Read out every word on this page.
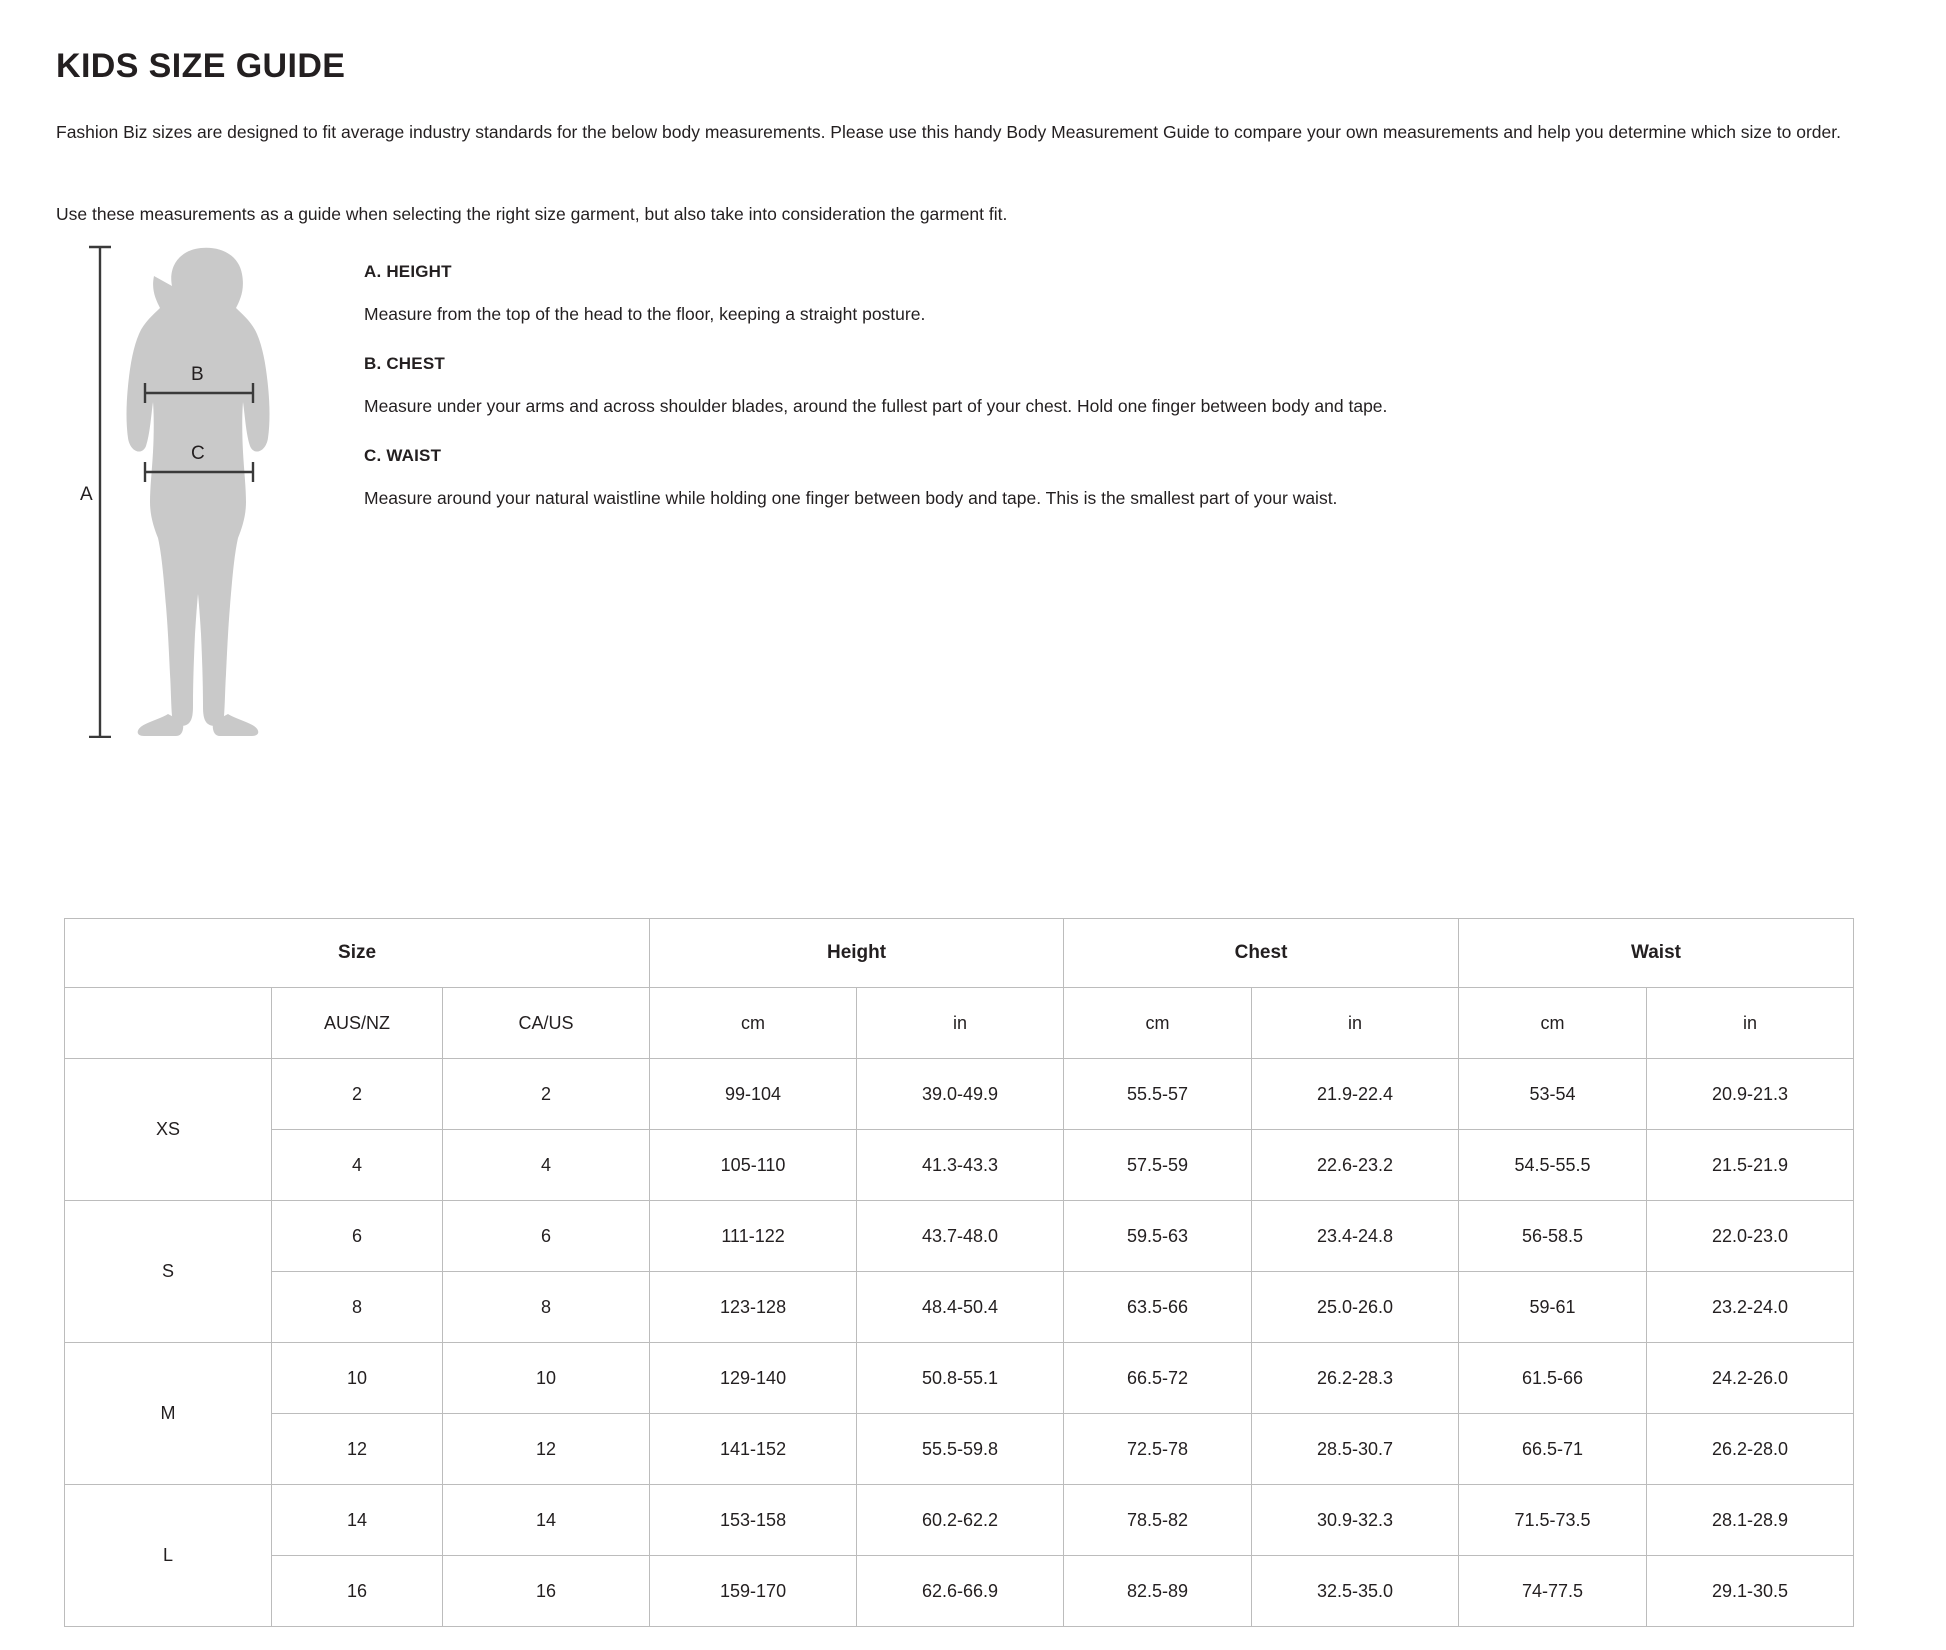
KIDS SIZE GUIDE

Fashion Biz sizes are designed to fit average industry standards for the below body measurements. Please use this handy Body Measurement Guide to compare your own measurements and help you determine which size to order.

Use these measurements as a guide when selecting the right size garment, but also take into consideration the garment fit.

A
B
C

A. HEIGHT

Measure from the top of the head to the floor, keeping a straight posture.

B. CHEST

Measure under your arms and across shoulder blades, around the fullest part of your chest. Hold one finger between body and tape.

C. WAIST

Measure around your natural waistline while holding one finger between body and tape. This is the smallest part of your waist.

Size			Height		Chest		Waist	
	AUS/NZ	CA/US	cm	in	cm	in	cm	in
XS	2	2	99-104	39.0-49.9	55.5-57	21.9-22.4	53-54	20.9-21.3
	4	4	105-110	41.3-43.3	57.5-59	22.6-23.2	54.5-55.5	21.5-21.9
S	6	6	111-122	43.7-48.0	59.5-63	23.4-24.8	56-58.5	22.0-23.0
	8	8	123-128	48.4-50.4	63.5-66	25.0-26.0	59-61	23.2-24.0
M	10	10	129-140	50.8-55.1	66.5-72	26.2-28.3	61.5-66	24.2-26.0
	12	12	141-152	55.5-59.8	72.5-78	28.5-30.7	66.5-71	26.2-28.0
L	14	14	153-158	60.2-62.2	78.5-82	30.9-32.3	71.5-73.5	28.1-28.9
	16	16	159-170	62.6-66.9	82.5-89	32.5-35.0	74-77.5	29.1-30.5
